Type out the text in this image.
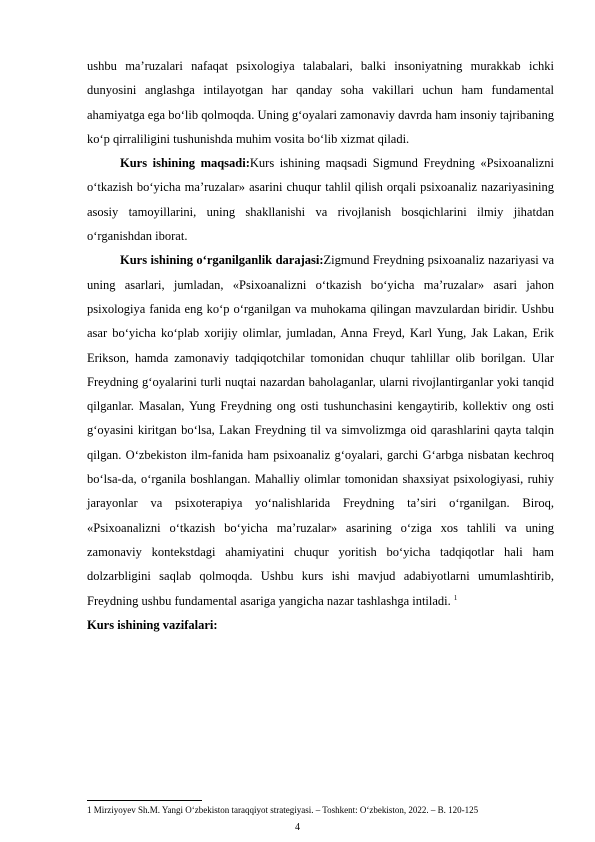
ushbu maʼruzalari nafaqat psixologiya talabalari, balki insoniyatning murakkab ichki dunyosini anglashga intilayotgan har qanday soha vakillari uchun ham fundamental ahamiyatga ega boʻlib qolmoqda. Uning gʻoyalari zamonaviy davrda ham insoniy tajribaning koʻp qirraliligini tushunishda muhim vosita boʻlib xizmat qiladi.

Kurs ishining maqsadi:Kurs ishining maqsadi Sigmund Freydning «Psixoanalizni oʻtkazish boʻyicha maʼruzalar» asarini chuqur tahlil qilish orqali psixoanaliz nazariyasining asosiy tamoyillarini, uning shakllanishi va rivojlanish bosqichlarini ilmiy jihatdan oʻrganishdan iborat.

Kurs ishining oʻrganilganlik darajasi:Zigmund Freydning psixoanaliz nazariyasi va uning asarlari, jumladan, «Psixoanalizni oʻtkazish boʻyicha maʼruzalar» asari jahon psixologiya fanida eng koʻp oʻrganilgan va muhokama qilingan mavzulardan biridir. Ushbu asar boʻyicha koʻplab xorijiy olimlar, jumladan, Anna Freyd, Karl Yung, Jak Lakan, Erik Erikson, hamda zamonaviy tadqiqotchilar tomonidan chuqur tahlillar olib borilgan. Ular Freydning gʻoyalarini turli nuqtai nazardan baholaganlar, ularni rivojlantirganlar yoki tanqid qilganlar. Masalan, Yung Freydning ong osti tushunchasini kengaytirib, kollektiv ong osti gʻoyasini kiritgan boʻlsa, Lakan Freydning til va simvolizmga oid qarashlarini qayta talqin qilgan. Oʻzbekiston ilm-fanida ham psixoanaliz gʻoyalari, garchi Gʻarbga nisbatan kechroq boʻlsa-da, oʻrganila boshlangan. Mahalliy olimlar tomonidan shaxsiyat psixologiyasi, ruhiy jarayonlar va psixoterapiya yoʻnalishlarida Freydning taʼsiri oʻrganilgan. Biroq, «Psixoanalizni oʻtkazish boʻyicha maʼruzalar» asarining oʻziga xos tahlili va uning zamonaviy kontekstdagi ahamiyatini chuqur yoritish boʻyicha tadqiqotlar hali ham dolzarbligini saqlab qolmoqda. Ushbu kurs ishi mavjud adabiyotlarni umumlashtirib, Freydning ushbu fundamental asariga yangicha nazar tashlashga intiladi. $^1$

Kurs ishining vazifalari:

1 Mirziyoyev Sh.M. Yangi Oʻzbekiston taraqqiyot strategiyasi. – Toshkent: Oʻzbekiston, 2022. – B. 120-125

4
